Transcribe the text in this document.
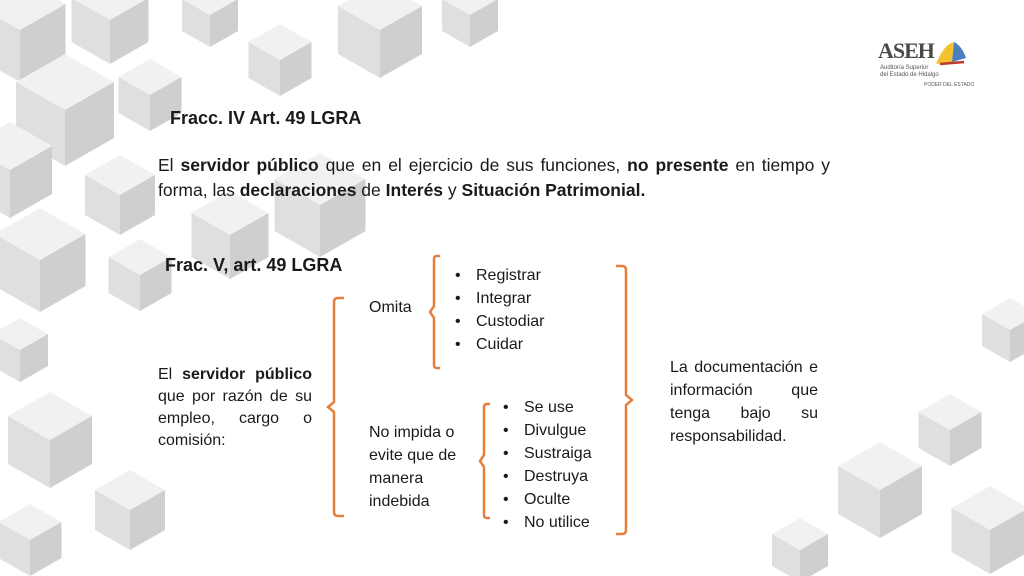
ASEH
Auditoría Superior
del Estado de Hidalgo
PODER DEL ESTADO
Fracc. IV Art. 49 LGRA
El servidor público que en el ejercicio de sus funciones, no presente en tiempo y forma, las declaraciones de Interés y Situación Patrimonial.
Frac. V, art. 49 LGRA
El servidor público que por razón de su empleo, cargo o comisión:
Omita
• Registrar
• Integrar
• Custodiar
• Cuidar
No impida o evite que de manera indebida
• Se use
• Divulgue
• Sustraiga
• Destruya
• Oculte
• No utilice
La documentación e información que tenga bajo su responsabilidad.
